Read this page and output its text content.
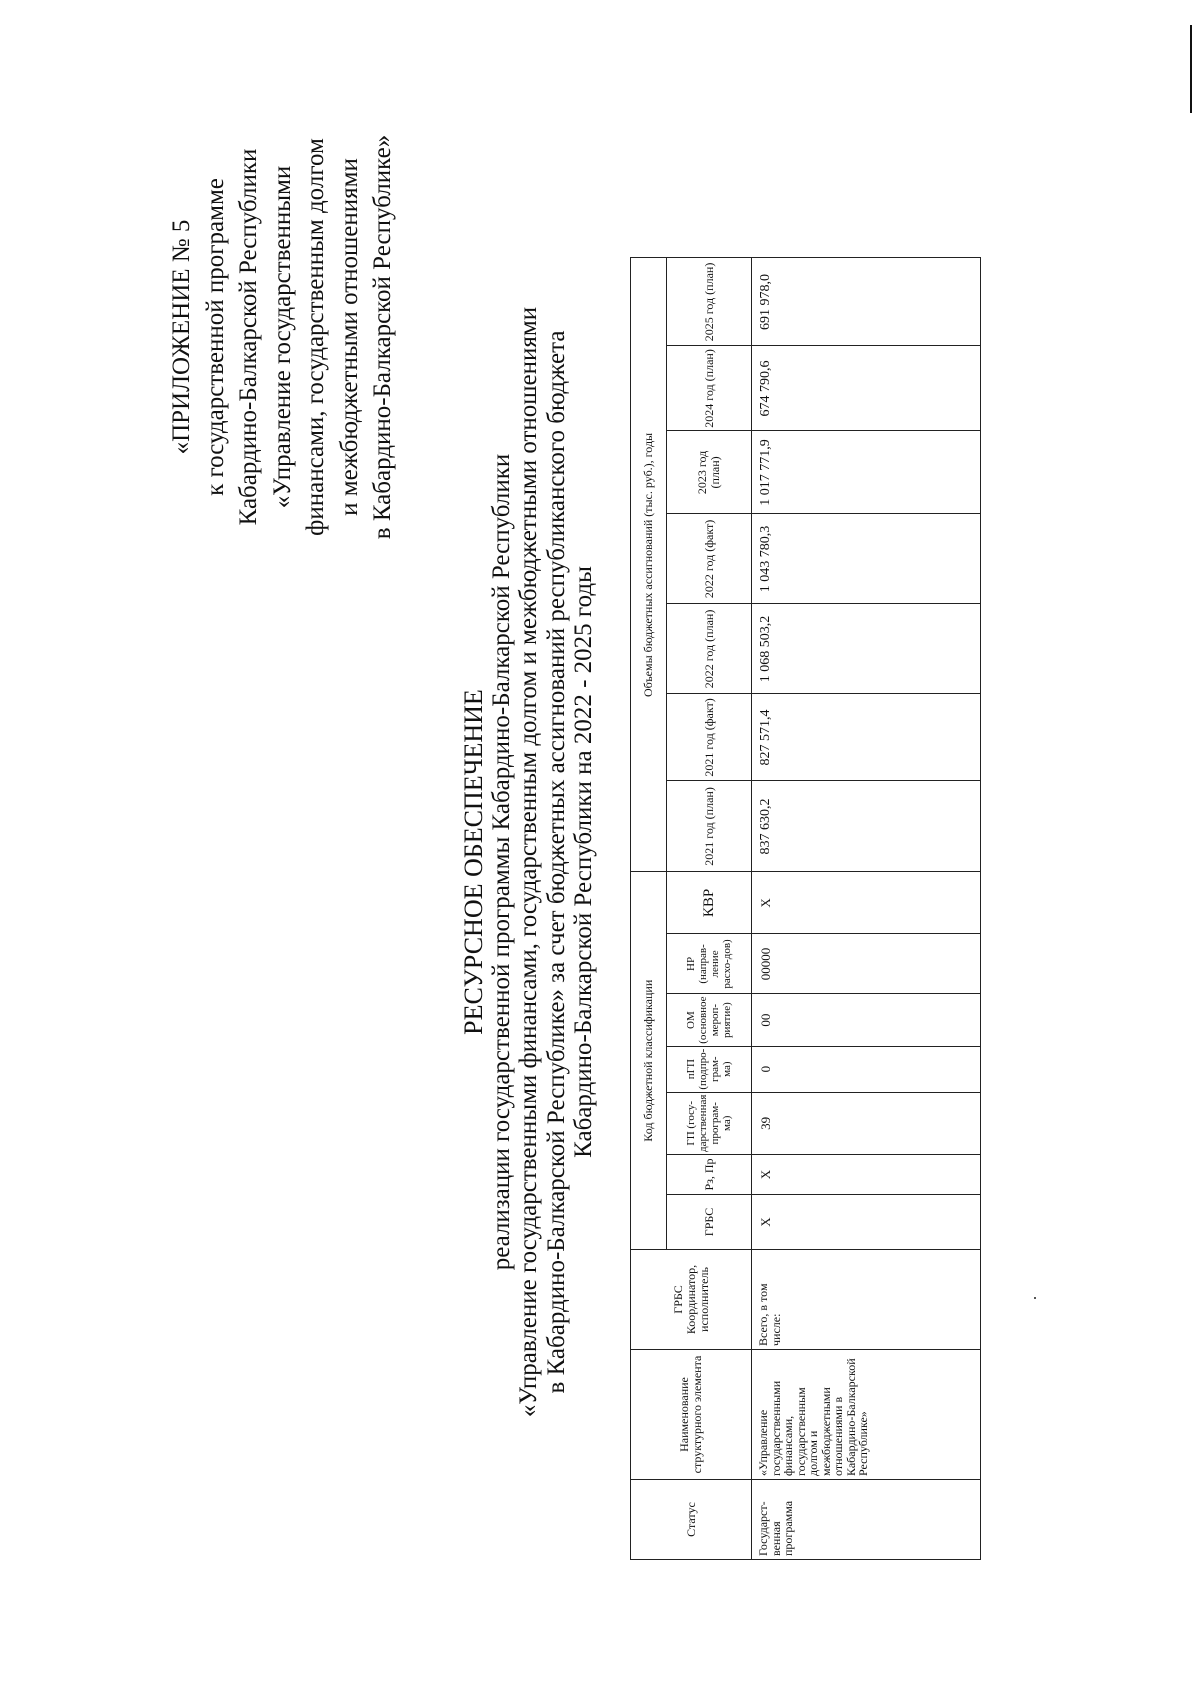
«ПРИЛОЖЕНИЕ № 5 к государственной программе Кабардино-Балкарской Республики «Управление государственными финансами, государственным долгом и межбюджетными отношениями в Кабардино-Балкарской Республике»
РЕСУРСНОЕ ОБЕСПЕЧЕНИЕ реализации государственной программы Кабардино-Балкарской Республики «Управление государственными финансами, государственным долгом и межбюджетными отношениями в Кабардино-Балкарской Республике» за счет бюджетных ассигнований республиканского бюджета Кабардино-Балкарской Республики на 2022 - 2025 годы
Статус	Наименование структурного элемента	ГРБС Координатор, исполнитель	Код бюджетной классификации							Объемы бюджетных ассигнований (тыс. руб.), годы						
			ГРБС	Рз, Пр	ГП (госу-дарственная програм-ма)	пГП (подпро-грам-ма)	ОМ (основное мероп-риятие)	НР (направ-ление расхо-дов)	КВР	2021 год (план)	2021 год (факт)	2022 год (план)	2022 год (факт)	2023 год (план)	2024 год (план)	2025 год (план)
Государст-венная программа	«Управление государственными финансами, государственным долгом и межбюджетными отношениями в Кабардино-Балкарской Республике»	Всего, в том числе:	Х	Х	39	0	00	00000	Х	837 630,2	827 571,4	1 068 503,2	1 043 780,3	1 017 771,9	674 790,6	691 978,0
